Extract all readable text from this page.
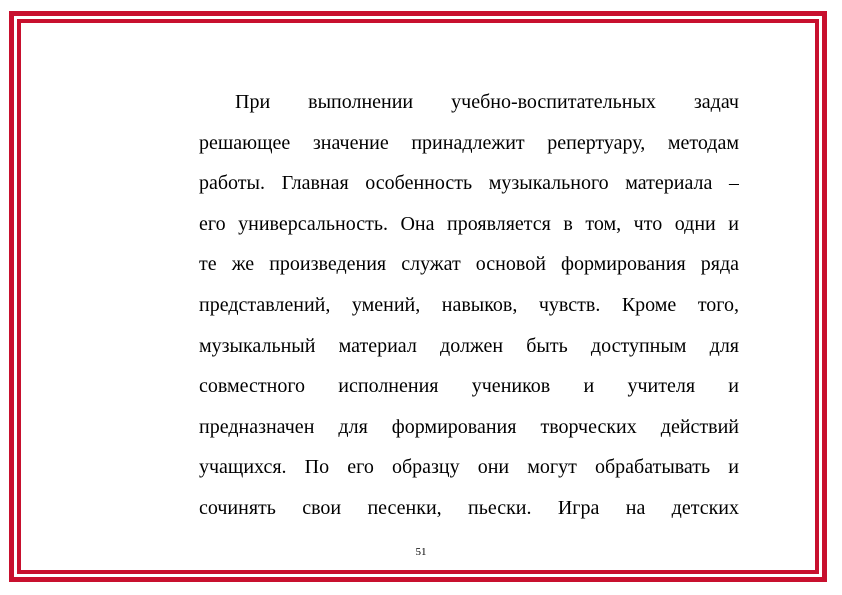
При выполнении учебно-воспитательных задач
решающее значение принадлежит репертуару, методам
работы. Главная особенность музыкального материала –
его универсальность. Она проявляется в том, что одни и
те же произведения служат основой формирования ряда
представлений, умений, навыков, чувств. Кроме того,
музыкальный материал должен быть доступным для
совместного исполнения учеников и учителя и
предназначен для формирования творческих действий
учащихся. По его образцу они могут обрабатывать и
сочинять свои песенки, пьески. Игра на детских
51
